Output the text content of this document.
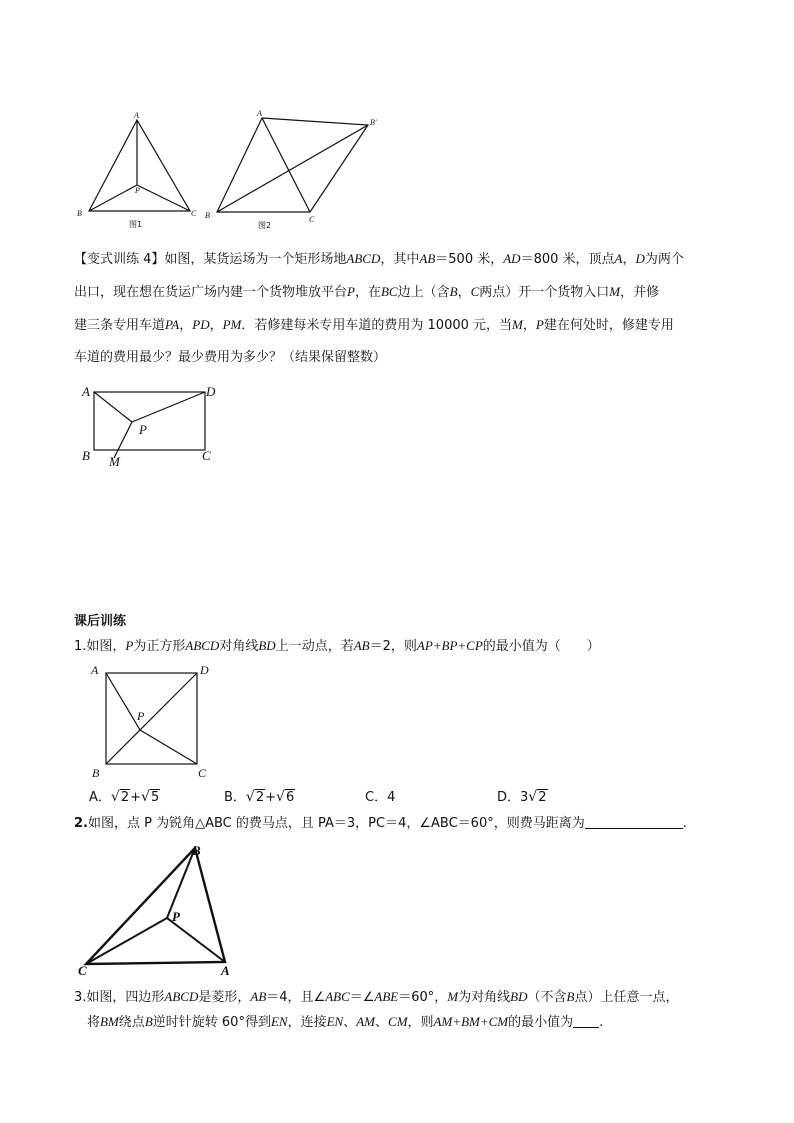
A
P
B	C
图1
A
B′
B	C
图2
【变式训练 4】如图，某货运场为一个矩形场地ABCD，其中AB＝500 米，AD＝800 米，顶点A，D为两个
出口，现在想在货运广场内建一个货物堆放平台P，在BC边上（含B，C两点）开一个货物入口M，并修
建三条专用车道PA，PD，PM．若修建每米专用车道的费用为 10000 元，当M，P建在何处时，修建专用
车道的费用最少？最少费用为多少？（结果保留整数）
A	D
P
B M	C
课后训练
1.如图，P为正方形ABCD对角线BD上一动点，若AB＝2，则AP+BP+CP的最小值为（　　）
A	D
P
B	C
A．√2+√5	B．√2+√6	C．4	D．3√2
2.如图，点 P 为锐角△ABC 的费马点，且 PA＝3，PC＝4，∠ABC＝60°，则费马距离为	.
B
P
C	A
3.如图，四边形ABCD是菱形，AB＝4，且∠ABC＝∠ABE＝60°，M为对角线BD（不含B点）上任意一点，
将BM绕点B逆时针旋转 60°得到EN，连接EN、AM、CM，则AM+BM+CM的最小值为 .
